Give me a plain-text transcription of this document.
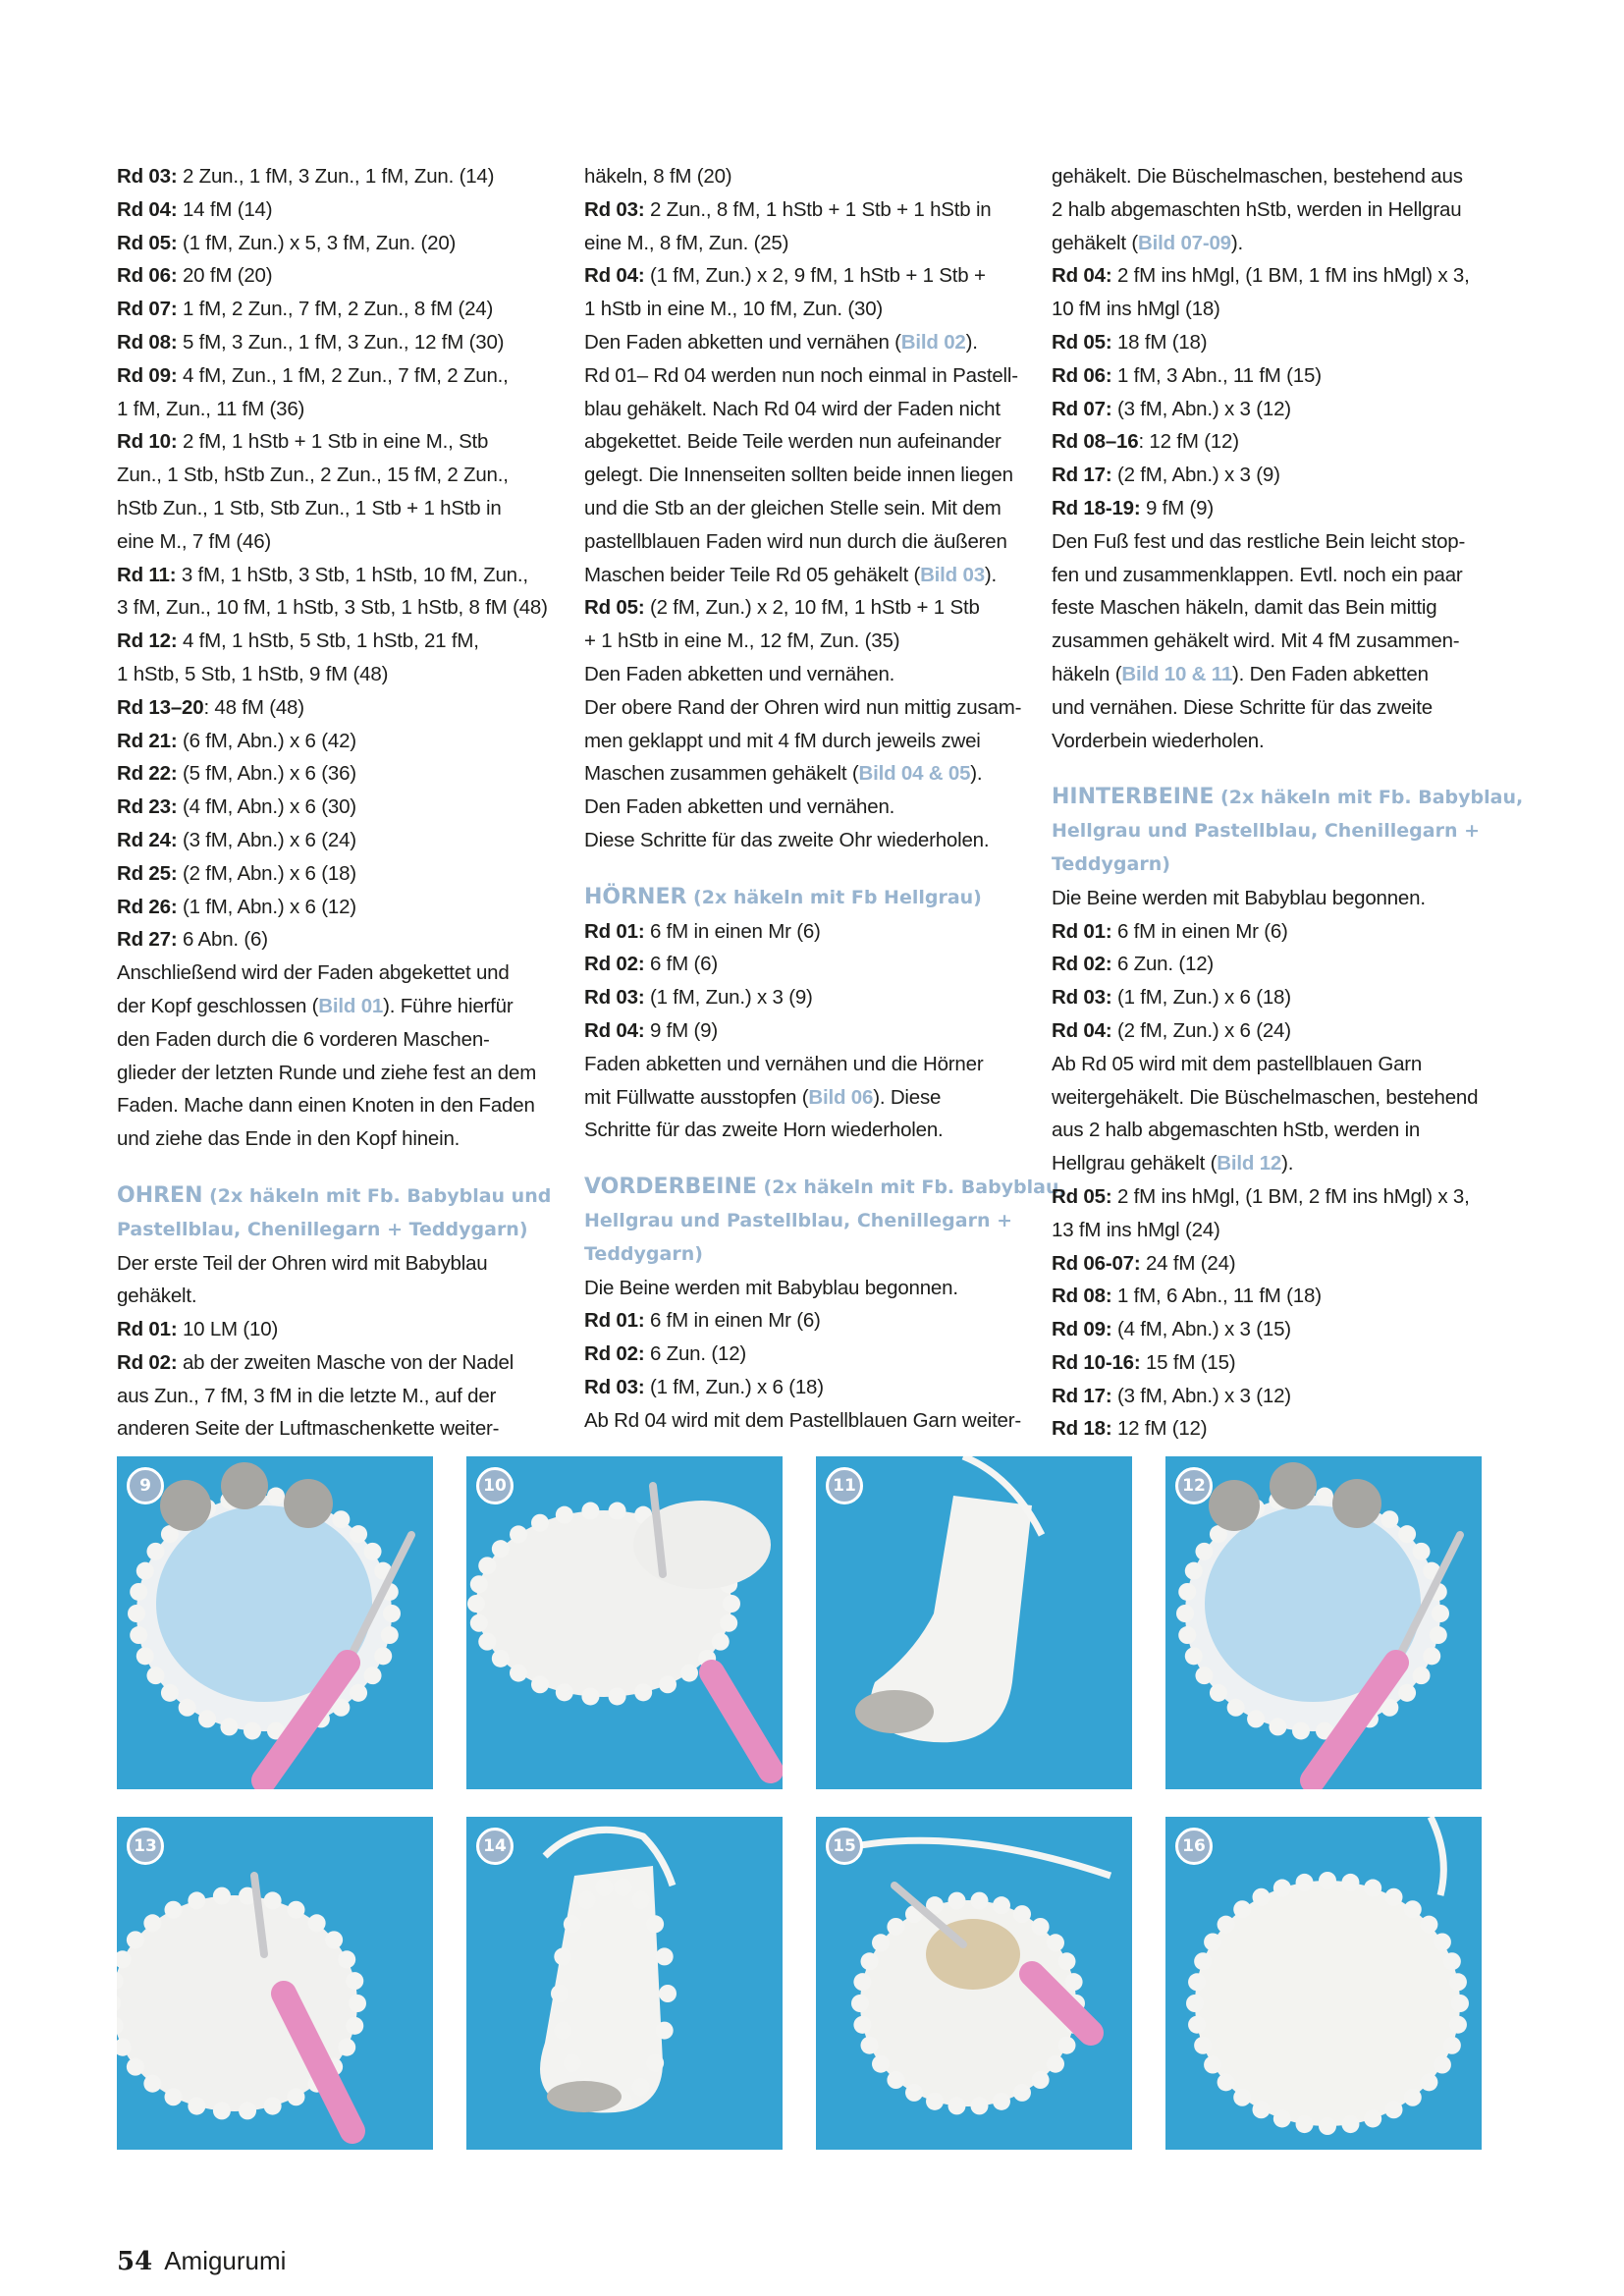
Rd 03: 2 Zun., 1 fM, 3 Zun., 1 fM, Zun. (14)

Rd 04: 14 fM (14)

Rd 05: (1 fM, Zun.) x 5, 3 fM, Zun. (20)

Rd 06: 20 fM (20)

Rd 07: 1 fM, 2 Zun., 7 fM, 2 Zun., 8 fM (24)

Rd 08: 5 fM, 3 Zun., 1 fM, 3 Zun., 12 fM (30)

Rd 09: 4 fM, Zun., 1 fM, 2 Zun., 7 fM, 2 Zun.,

1 fM, Zun., 11 fM (36)

Rd 10: 2 fM, 1 hStb + 1 Stb in eine M., Stb

Zun., 1 Stb, hStb Zun., 2 Zun., 15 fM, 2 Zun.,

hStb Zun., 1 Stb, Stb Zun., 1 Stb + 1 hStb in

eine M., 7 fM (46)

Rd 11: 3 fM, 1 hStb, 3 Stb, 1 hStb, 10 fM, Zun.,

3 fM, Zun., 10 fM, 1 hStb, 3 Stb, 1 hStb, 8 fM (48)

Rd 12: 4 fM, 1 hStb, 5 Stb, 1 hStb, 21 fM,

1 hStb, 5 Stb, 1 hStb, 9 fM (48)

Rd 13–20: 48 fM (48)

Rd 21: (6 fM, Abn.) x 6 (42)

Rd 22: (5 fM, Abn.) x 6 (36)

Rd 23: (4 fM, Abn.) x 6 (30)

Rd 24: (3 fM, Abn.) x 6 (24)

Rd 25: (2 fM, Abn.) x 6 (18)

Rd 26: (1 fM, Abn.) x 6 (12)

Rd 27: 6 Abn. (6)

Anschließend wird der Faden abgekettet und

der Kopf geschlossen (Bild 01). Führe hierfür

den Faden durch die 6 vorderen Maschen-

glieder der letzten Runde und ziehe fest an dem

Faden. Mache dann einen Knoten in den Faden

und ziehe das Ende in den Kopf hinein.

OHREN (2x häkeln mit Fb. Babyblau und

Pastellblau, Chenillegarn + Teddygarn)

Der erste Teil der Ohren wird mit Babyblau

gehäkelt.

Rd 01: 10 LM (10)

Rd 02: ab der zweiten Masche von der Nadel

aus Zun., 7 fM, 3 fM in die letzte M., auf der

anderen Seite der Luftmaschenkette weiter-

häkeln, 8 fM (20)

Rd 03: 2 Zun., 8 fM, 1 hStb + 1 Stb + 1 hStb in

eine M., 8 fM, Zun. (25)

Rd 04: (1 fM, Zun.) x 2, 9 fM, 1 hStb + 1 Stb +

1 hStb in eine M., 10 fM, Zun. (30)

Den Faden abketten und vernähen (Bild 02).

Rd 01– Rd 04 werden nun noch einmal in Pastell-

blau gehäkelt. Nach Rd 04 wird der Faden nicht

abgekettet. Beide Teile werden nun aufeinander

gelegt. Die Innenseiten sollten beide innen liegen

und die Stb an der gleichen Stelle sein. Mit dem

pastellblauen Faden wird nun durch die äußeren

Maschen beider Teile Rd 05 gehäkelt (Bild 03).

Rd 05: (2 fM, Zun.) x 2, 10 fM, 1 hStb + 1 Stb

+ 1 hStb in eine M., 12 fM, Zun. (35)

Den Faden abketten und vernähen.

Der obere Rand der Ohren wird nun mittig zusam-

men geklappt und mit 4 fM durch jeweils zwei

Maschen zusammen gehäkelt (Bild 04 & 05).

Den Faden abketten und vernähen.

Diese Schritte für das zweite Ohr wiederholen.

HÖRNER (2x häkeln mit Fb Hellgrau)

Rd 01: 6 fM in einen Mr (6)

Rd 02: 6 fM (6)

Rd 03: (1 fM, Zun.) x 3 (9)

Rd 04: 9 fM (9)

Faden abketten und vernähen und die Hörner

mit Füllwatte ausstopfen (Bild 06). Diese

Schritte für das zweite Horn wiederholen.

VORDERBEINE (2x häkeln mit Fb. Babyblau,

Hellgrau und Pastellblau, Chenillegarn +

Teddygarn)

Die Beine werden mit Babyblau begonnen.

Rd 01: 6 fM in einen Mr (6)

Rd 02: 6 Zun. (12)

Rd 03: (1 fM, Zun.) x 6 (18)

Ab Rd 04 wird mit dem Pastellblauen Garn weiter-

gehäkelt. Die Büschelmaschen, bestehend aus

2 halb abgemaschten hStb, werden in Hellgrau

gehäkelt (Bild 07-09).

Rd 04: 2 fM ins hMgl, (1 BM, 1 fM ins hMgl) x 3,

10 fM ins hMgl (18)

Rd 05: 18 fM (18)

Rd 06: 1 fM, 3 Abn., 11 fM (15)

Rd 07: (3 fM, Abn.) x 3 (12)

Rd 08–16: 12 fM (12)

Rd 17: (2 fM, Abn.) x 3 (9)

Rd 18-19: 9 fM (9)

Den Fuß fest und das restliche Bein leicht stop-

fen und zusammenklappen. Evtl. noch ein paar

feste Maschen häkeln, damit das Bein mittig

zusammen gehäkelt wird. Mit 4 fM zusammen-

häkeln (Bild 10 & 11). Den Faden abketten

und vernähen. Diese Schritte für das zweite

Vorderbein wiederholen.

HINTERBEINE (2x häkeln mit Fb. Babyblau,

Hellgrau und Pastellblau, Chenillegarn +

Teddygarn)

Die Beine werden mit Babyblau begonnen.

Rd 01: 6 fM in einen Mr (6)

Rd 02: 6 Zun. (12)

Rd 03: (1 fM, Zun.) x 6 (18)

Rd 04: (2 fM, Zun.) x 6 (24)

Ab Rd 05 wird mit dem pastellblauen Garn

weitergehäkelt. Die Büschelmaschen, bestehend

aus 2 halb abgemaschten hStb, werden in

Hellgrau gehäkelt (Bild 12).

Rd 05: 2 fM ins hMgl, (1 BM, 2 fM ins hMgl) x 3,

13 fM ins hMgl (24)

Rd 06-07: 24 fM (24)

Rd 08: 1 fM, 6 Abn., 11 fM (18)

Rd 09: (4 fM, Abn.) x 3 (15)

Rd 10-16: 15 fM (15)

Rd 17: (3 fM, Abn.) x 3 (12)

Rd 18: 12 fM (12)

9	10	11	12
13	14	15	16
54 Amigurumi
